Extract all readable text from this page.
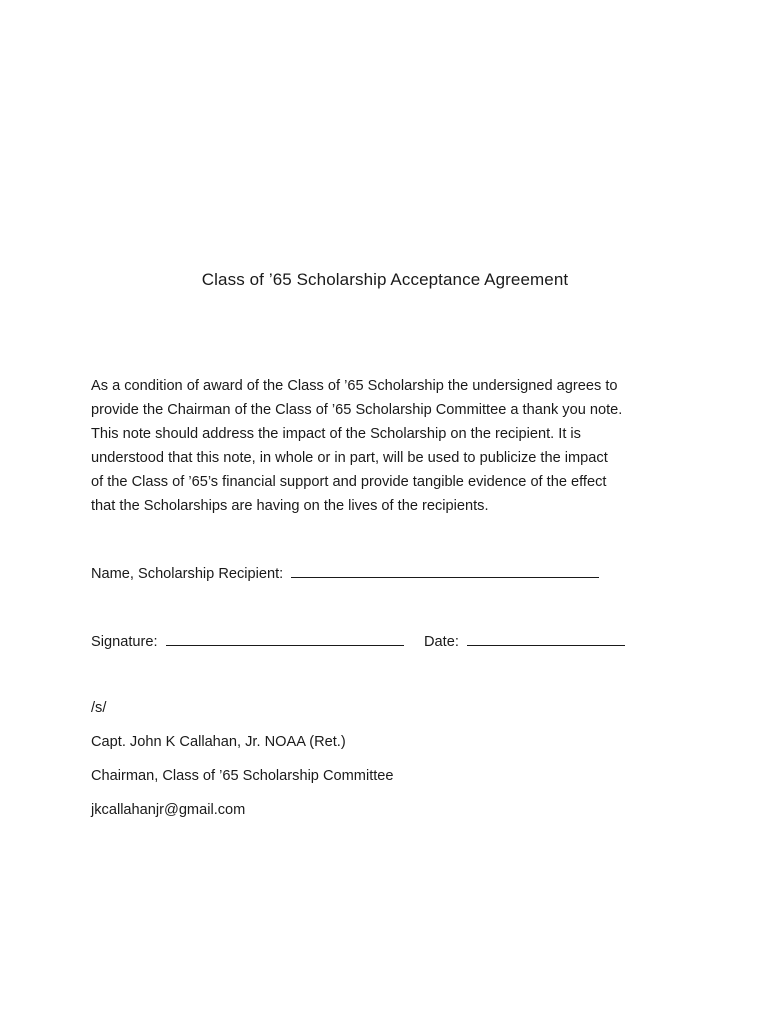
Class of ’65 Scholarship Acceptance Agreement
As a condition of award of the Class of ’65 Scholarship the undersigned agrees to
provide the Chairman of the Class of ’65 Scholarship Committee a thank you note.
This note should address the impact of the Scholarship on the recipient. It is
understood that this note, in whole or in part, will be used to publicize the impact
of the Class of ’65’s financial support and provide tangible evidence of the effect
that the Scholarships are having on the lives of the recipients.
Name, Scholarship Recipient:
Signature:	Date:
/s/
Capt. John K Callahan, Jr. NOAA (Ret.)
Chairman, Class of ’65 Scholarship Committee
jkcallahanjr@gmail.com
